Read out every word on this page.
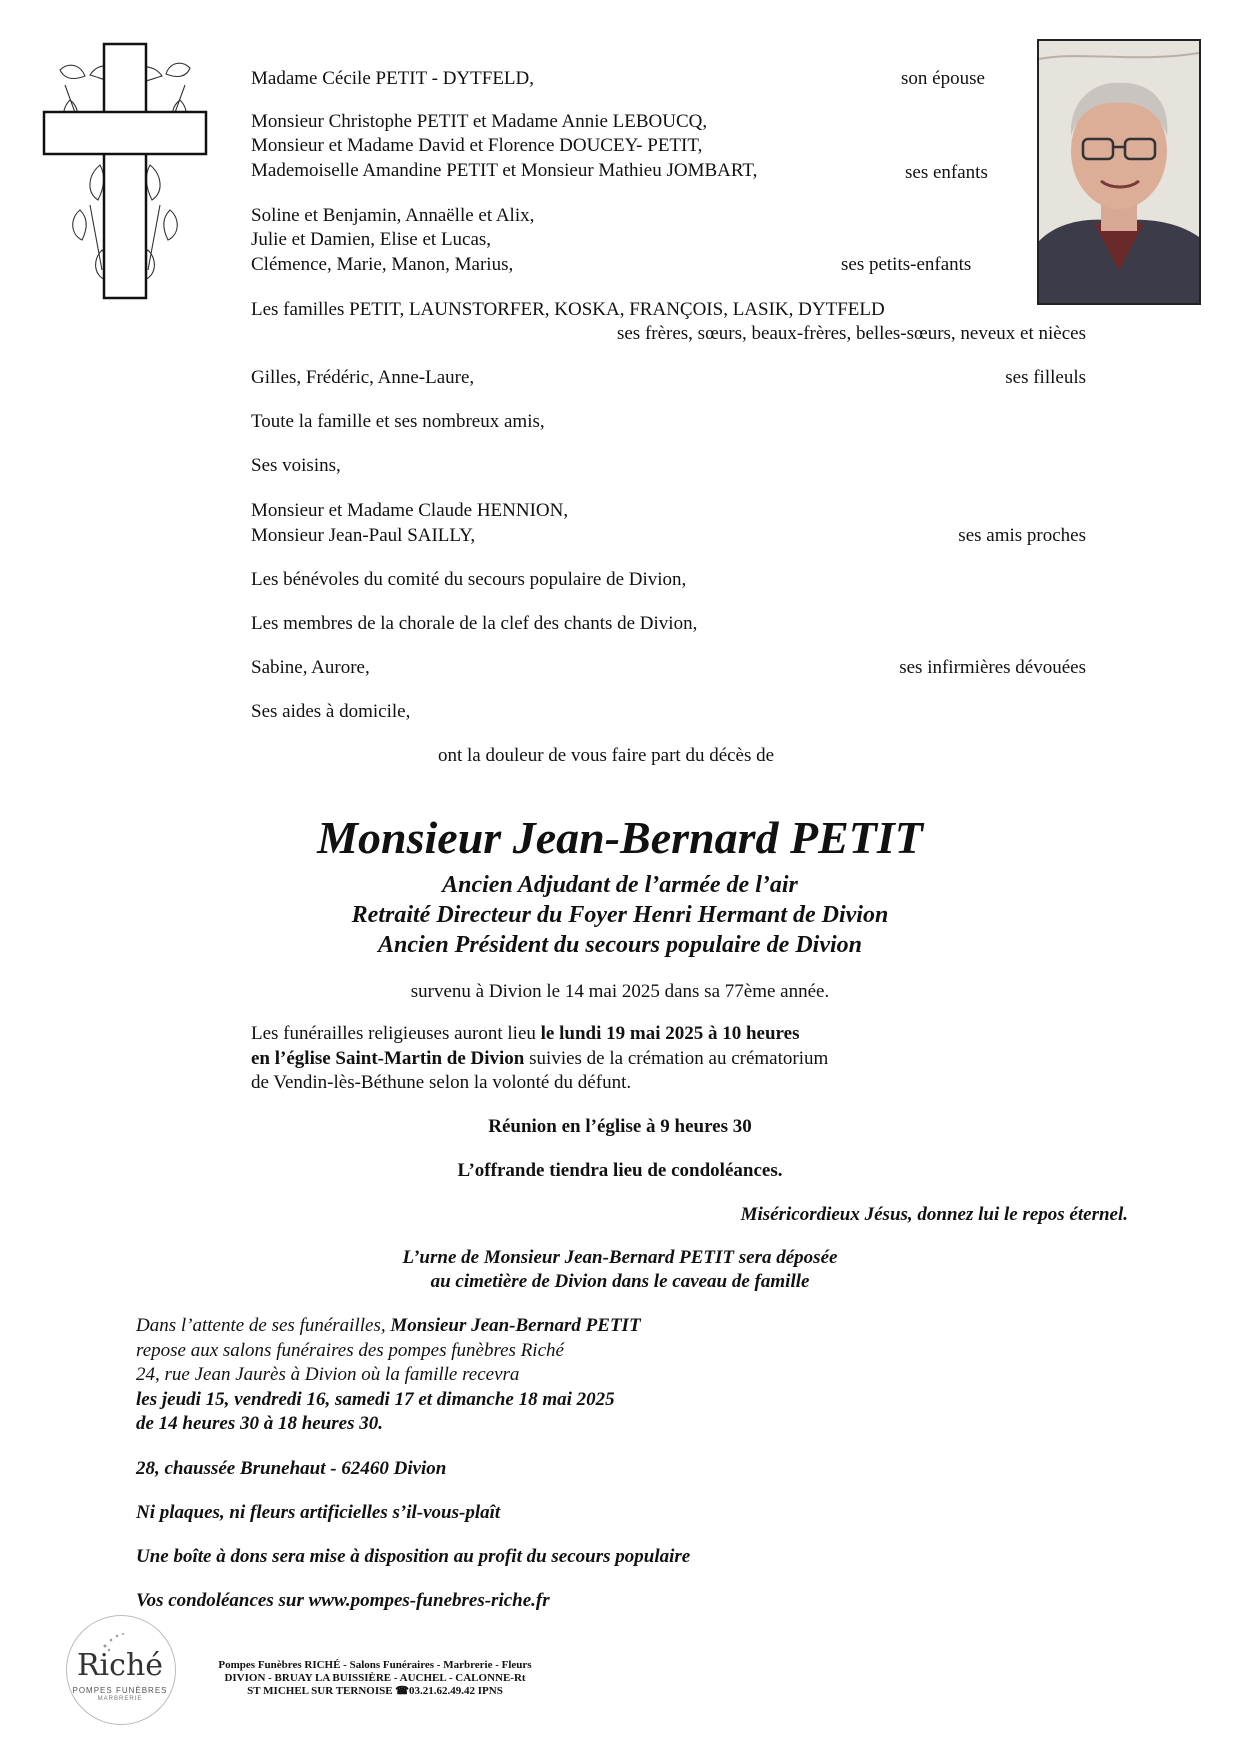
Madame Cécile PETIT - DYTFELD,	son épouse
Monsieur Christophe PETIT et Madame Annie LEBOUCQ,
Monsieur et Madame David et Florence DOUCEY- PETIT,
Mademoiselle Amandine PETIT et Monsieur Mathieu JOMBART,	ses enfants
Soline et Benjamin, Annaëlle et Alix,
Julie et Damien, Elise et Lucas,
Clémence, Marie, Manon, Marius,	ses petits-enfants
Les familles PETIT, LAUNSTORFER, KOSKA, FRANÇOIS, LASIK, DYTFELD
ses frères, sœurs, beaux-frères, belles-sœurs, neveux et nièces
Gilles, Frédéric, Anne-Laure,	ses filleuls
Toute la famille et ses nombreux amis,
Ses voisins,
Monsieur et Madame Claude HENNION,
Monsieur Jean-Paul SAILLY,	ses amis proches
Les bénévoles du comité du secours populaire de Divion,
Les membres de la chorale de la clef des chants de Divion,
Sabine, Aurore,	ses infirmières dévouées
Ses aides à domicile,
ont la douleur de vous faire part du décès de
Monsieur Jean-Bernard PETIT
Ancien Adjudant de l’armée de l’air
Retraité Directeur du Foyer Henri Hermant de Divion
Ancien Président du secours populaire de Divion
survenu à Divion le 14 mai 2025 dans sa 77ème année.
Les funérailles religieuses auront lieu le lundi 19 mai 2025 à 10 heures
en l’église Saint-Martin de Divion suivies de la crémation au crématorium
de Vendin-lès-Béthune selon la volonté du défunt.
Réunion en l’église à 9 heures 30
L’offrande tiendra lieu de condoléances.
Miséricordieux Jésus, donnez lui le repos éternel.
L’urne de Monsieur Jean-Bernard PETIT sera déposée
au cimetière de Divion dans le caveau de famille
Dans l’attente de ses funérailles, Monsieur Jean-Bernard PETIT
repose aux salons funéraires des pompes funèbres Riché
24, rue Jean Jaurès à Divion où la famille recevra
les jeudi 15, vendredi 16, samedi 17 et dimanche 18 mai 2025
de 14 heures 30 à 18 heures 30.
28, chaussée Brunehaut - 62460 Divion
Ni plaques, ni fleurs artificielles s’il-vous-plaît
Une boîte à dons sera mise à disposition au profit du secours populaire
Vos condoléances sur www.pompes-funebres-riche.fr
Riché
POMPES FUNÈBRES
MARBRERIE
Pompes Funèbres RICHÉ - Salons Funéraires - Marbrerie - Fleurs
DIVION - BRUAY LA BUISSIÈRE - AUCHEL - CALONNE-Rt
ST MICHEL SUR TERNOISE ☎03.21.62.49.42 IPNS
